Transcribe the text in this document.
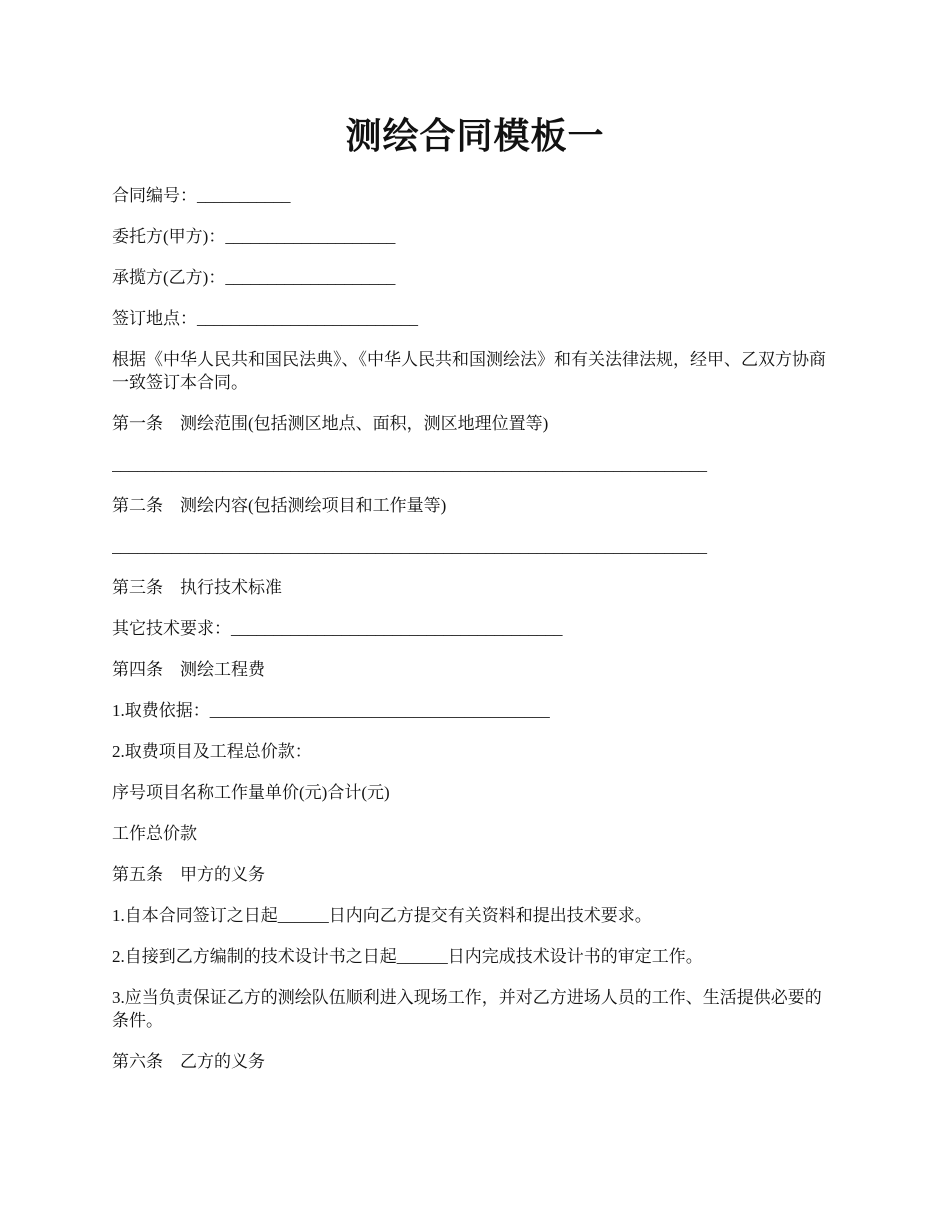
测绘合同模板一

合同编号：___________

委托方(甲方)：____________________

承揽方(乙方)：____________________

签订地点：__________________________

根据《中华人民共和国民法典》、《中华人民共和国测绘法》和有关法律法规，经甲、乙双方协商一致签订本合同。

第一条　测绘范围(包括测区地点、面积，测区地理位置等)

______________________________________________________________________

第二条　测绘内容(包括测绘项目和工作量等)

______________________________________________________________________

第三条　执行技术标准

其它技术要求：_______________________________________

第四条　测绘工程费

1.取费依据：________________________________________

2.取费项目及工程总价款：

序号项目名称工作量单价(元)合计(元)

工作总价款

第五条　甲方的义务

1.自本合同签订之日起______日内向乙方提交有关资料和提出技术要求。

2.自接到乙方编制的技术设计书之日起______日内完成技术设计书的审定工作。

3.应当负责保证乙方的测绘队伍顺利进入现场工作，并对乙方进场人员的工作、生活提供必要的条件。

第六条　乙方的义务
